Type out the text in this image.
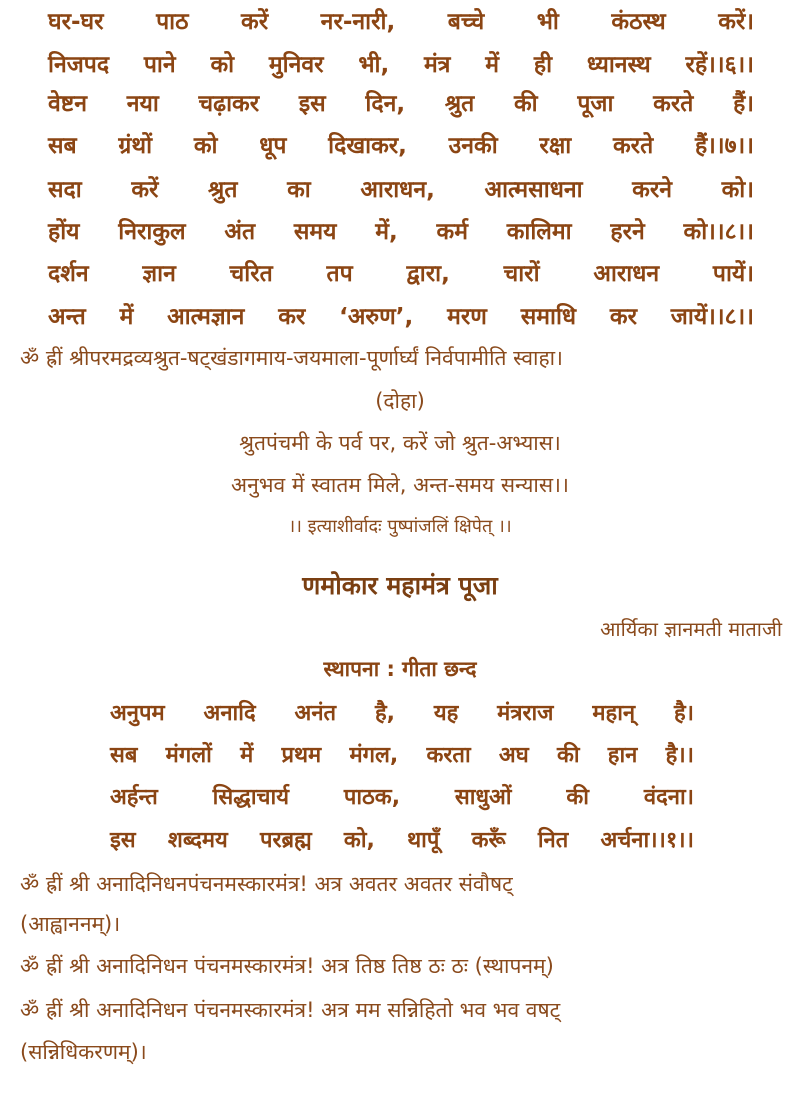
घर-घर पाठ करें नर-नारी, बच्चे भी कंठस्थ करें।
निजपद पाने को मुनिवर भी, मंत्र में ही ध्यानस्थ रहें।।६।।
वेष्टन नया चढ़ाकर इस दिन, श्रुत की पूजा करते हैं।
सब ग्रंथों को धूप दिखाकर, उनकी रक्षा करते हैं।।७।।
सदा करें श्रुत का आराधन, आत्मसाधना करने को।
होंय निराकुल अंत समय में, कर्म कालिमा हरने को।।८।।
दर्शन ज्ञान चरित तप द्वारा, चारों आराधन पायें।
अन्त में आत्मज्ञान कर ‘अरुण’, मरण समाधि कर जायें।।८।।
ॐ ह्रीं श्रीपरमद्रव्यश्रुत-षट्खंडागमाय-जयमाला-पूर्णार्घ्यं निर्वपामीति स्वाहा।
(दोहा)
श्रुतपंचमी के पर्व पर, करें जो श्रुत-अभ्यास।
अनुभव में स्वातम मिले, अन्त-समय सन्यास।।
।। इत्याशीर्वादः पुष्पांजलिं क्षिपेत् ।।
णमोकार महामंत्र पूजा
आर्यिका ज्ञानमती माताजी
स्थापना : गीता छन्द
अनुपम अनादि अनंत है, यह मंत्रराज महान् है।
सब मंगलों में प्रथम मंगल, करता अघ की हान है।।
अर्हन्त सिद्धाचार्य पाठक, साधुओं की वंदना।
इस शब्दमय परब्रह्म को, थापूँ करूँ नित अर्चना।।१।।
ॐ ह्रीं श्री अनादिनिधनपंचनमस्कारमंत्र! अत्र अवतर अवतर संवौषट्
(आह्वाननम्)।
ॐ ह्रीं श्री अनादिनिधन पंचनमस्कारमंत्र! अत्र तिष्ठ तिष्ठ ठः ठः (स्थापनम्)
ॐ ह्रीं श्री अनादिनिधन पंचनमस्कारमंत्र! अत्र मम सन्निहितो भव भव वषट्
(सन्निधिकरणम्)।
